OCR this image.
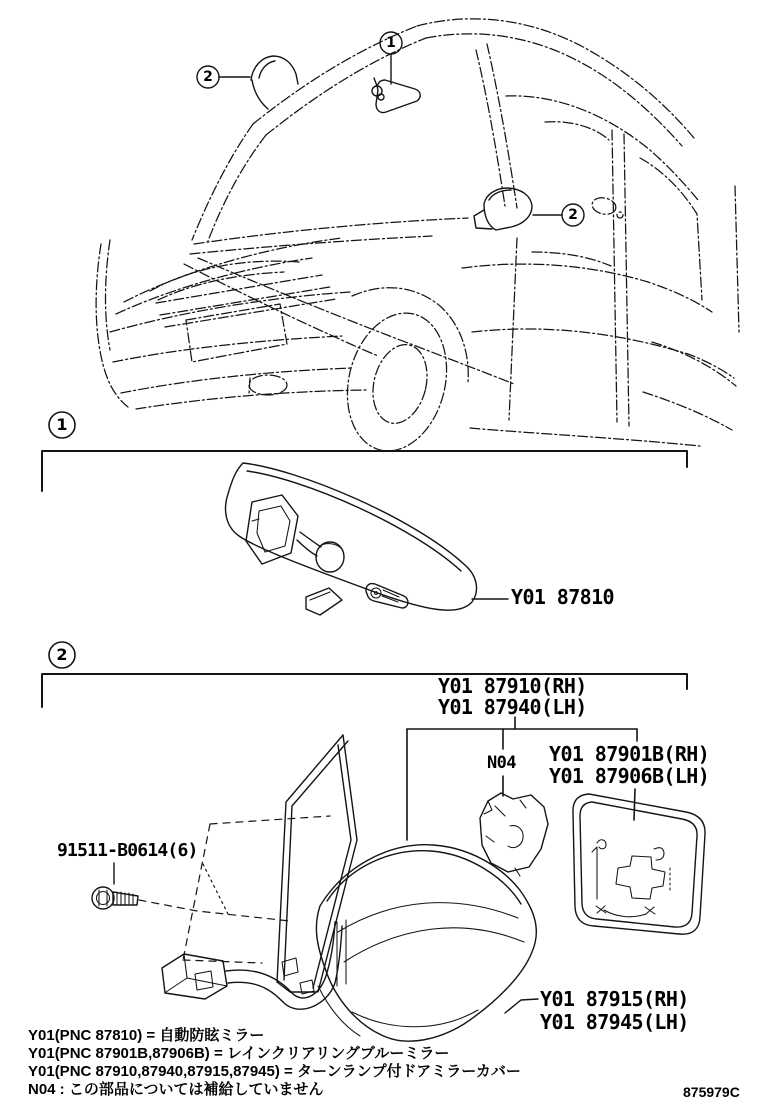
1
2
2
1
2
Y01 87810
Y01 87910(RH)
Y01 87940(LH)
N04 Y01 87901B(RH)
Y01 87906B(LH)
Y01 87915(RH)
Y01 87945(LH)
91511-B0614(6)
Y01(PNC 87810) = 自動防眩ミラー
Y01(PNC 87901B,87906B) = レインクリアリングブルーミラー
Y01(PNC 87910,87940,87915,87945) = ターンランプ付ドアミラーカバー
N04 : この部品については補給していません	875979C
